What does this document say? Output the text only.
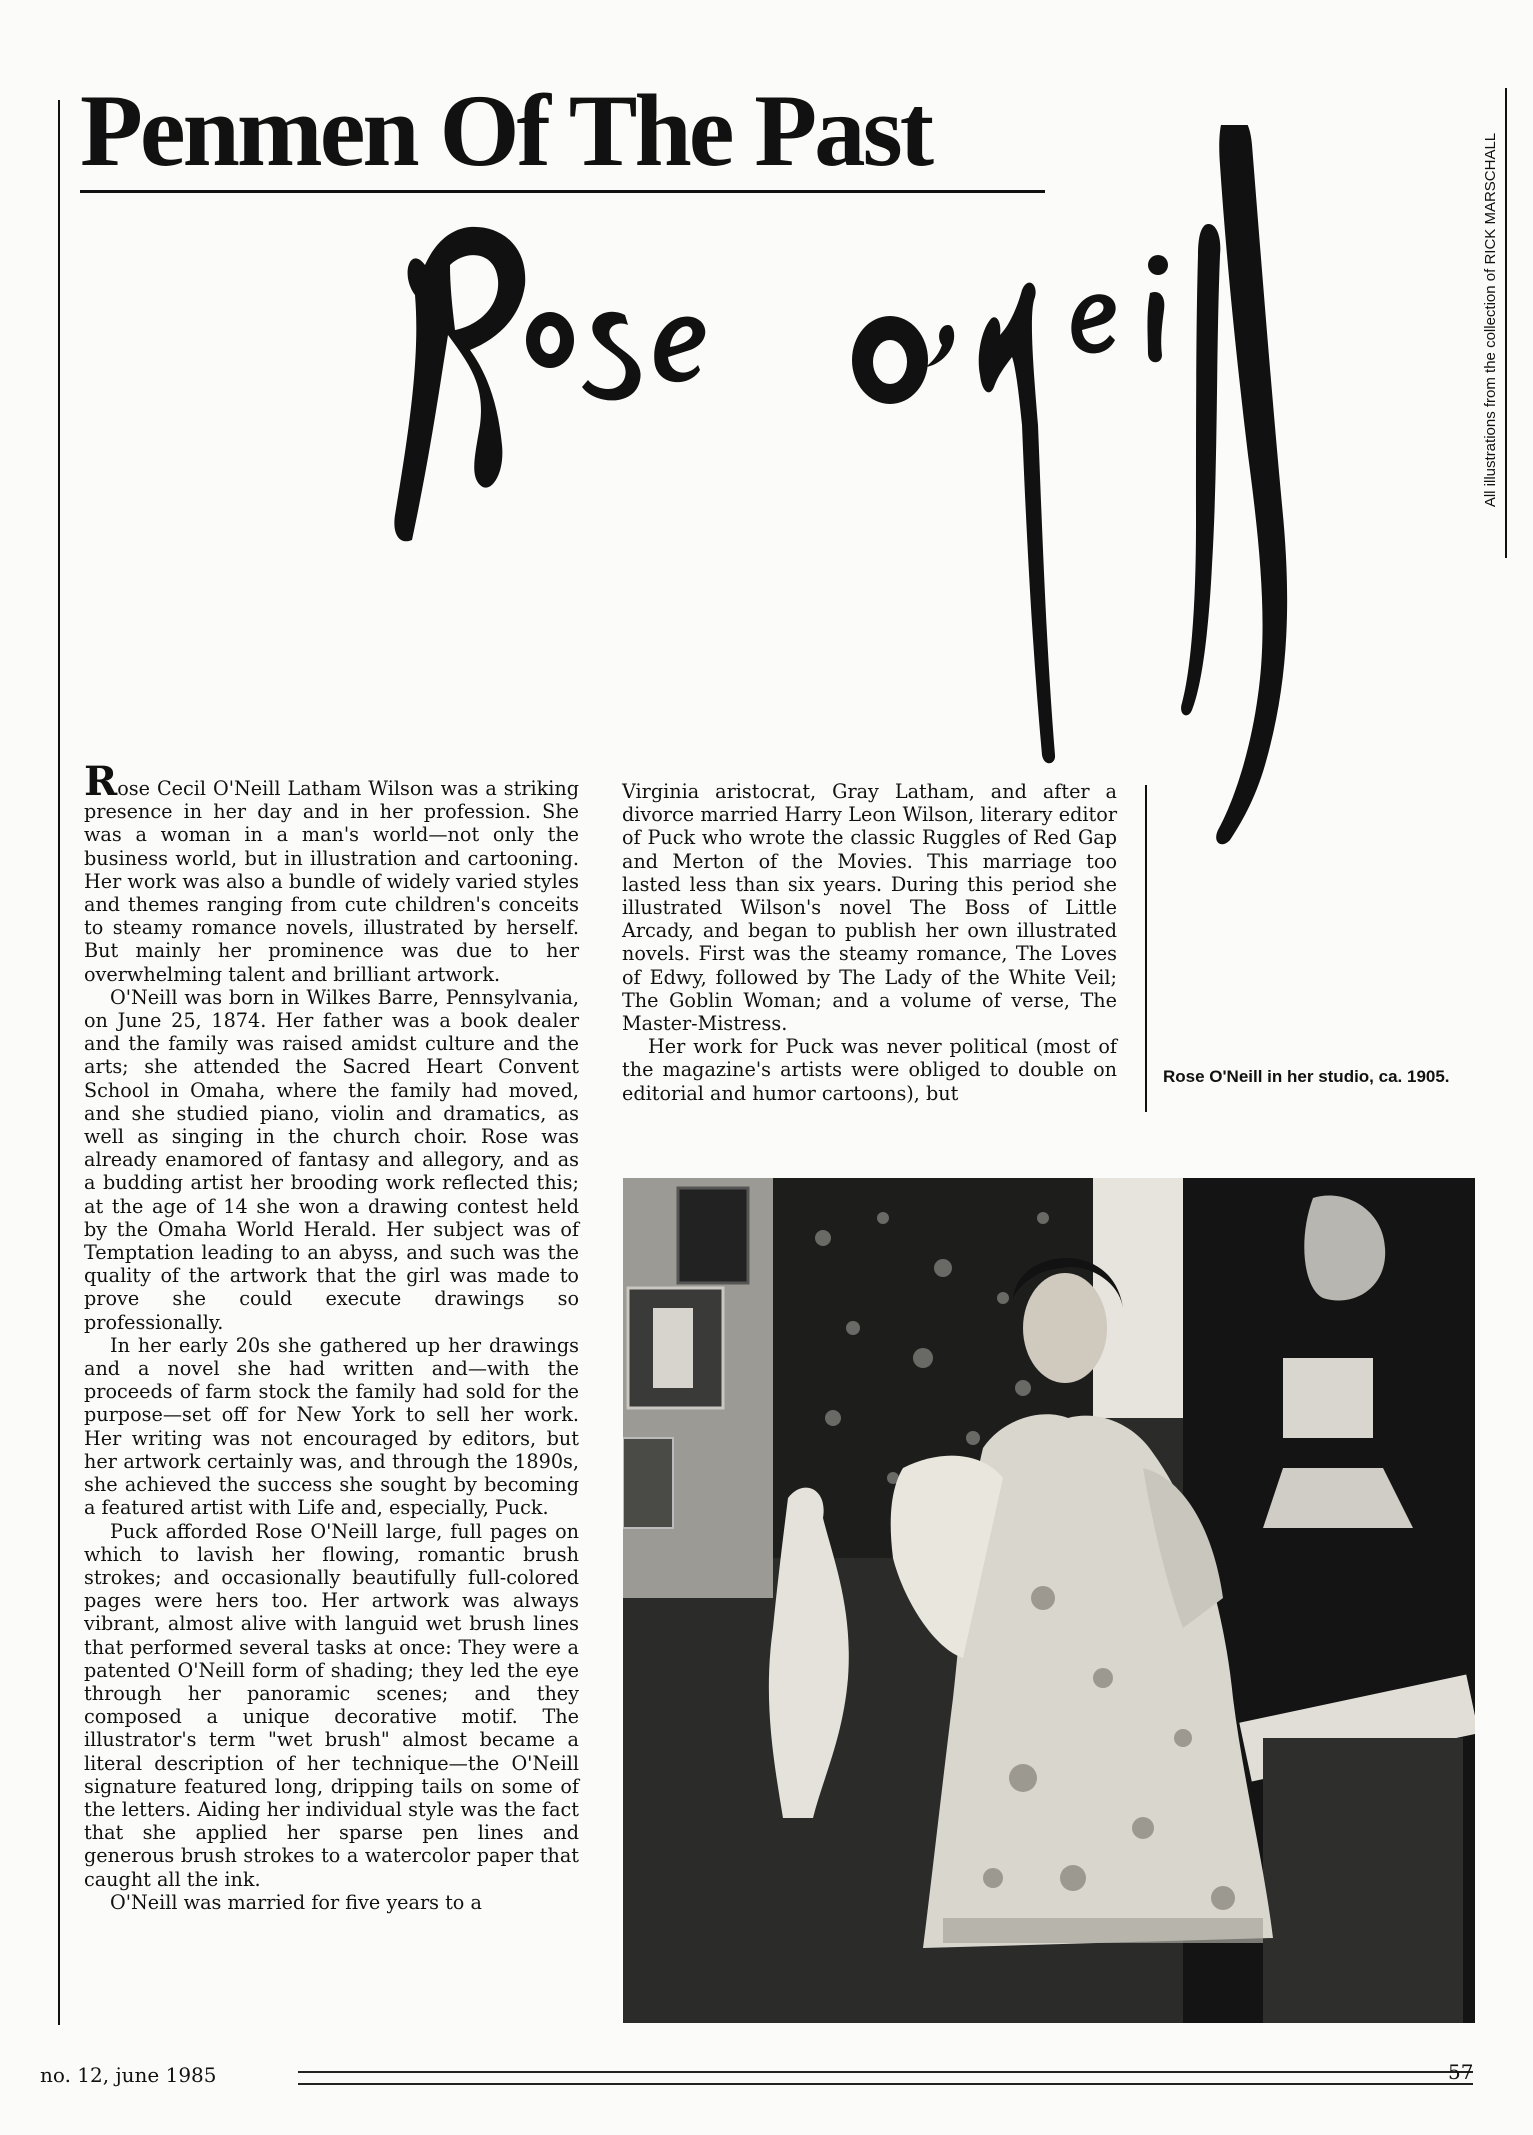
Penmen Of The Past
All illustrations from the collection of RICK MARSCHALL

Rose Cecil O'Neill Latham Wilson was a striking presence in her day and in her profession. She was a woman in a man's world—not only the business world, but in illustration and cartooning. Her work was also a bundle of widely varied styles and themes ranging from cute children's conceits to steamy romance novels, illustrated by herself. But mainly her prominence was due to her overwhelming talent and brilliant artwork.

O'Neill was born in Wilkes Barre, Pennsylvania, on June 25, 1874. Her father was a book dealer and the family was raised amidst culture and the arts; she attended the Sacred Heart Convent School in Omaha, where the family had moved, and she studied piano, violin and dramatics, as well as singing in the church choir. Rose was already enamored of fantasy and allegory, and as a budding artist her brooding work reflected this; at the age of 14 she won a drawing contest held by the Omaha World Herald. Her subject was of Temptation leading to an abyss, and such was the quality of the artwork that the girl was made to prove she could execute drawings so professionally.

In her early 20s she gathered up her drawings and a novel she had written and—with the proceeds of farm stock the family had sold for the purpose—set off for New York to sell her work. Her writing was not encouraged by editors, but her artwork certainly was, and through the 1890s, she achieved the success she sought by becoming a featured artist with Life and, especially, Puck.

Puck afforded Rose O'Neill large, full pages on which to lavish her flowing, romantic brush strokes; and occasionally beautifully full-colored pages were hers too. Her artwork was always vibrant, almost alive with languid wet brush lines that performed several tasks at once: They were a patented O'Neill form of shading; they led the eye through her panoramic scenes; and they composed a unique decorative motif. The illustrator's term "wet brush" almost became a literal description of her technique—the O'Neill signature featured long, dripping tails on some of the letters. Aiding her individual style was the fact that she applied her sparse pen lines and generous brush strokes to a watercolor paper that caught all the ink.

O'Neill was married for five years to a

Virginia aristocrat, Gray Latham, and after a divorce married Harry Leon Wilson, literary editor of Puck who wrote the classic Ruggles of Red Gap and Merton of the Movies. This marriage too lasted less than six years. During this period she illustrated Wilson's novel The Boss of Little Arcady, and began to publish her own illustrated novels. First was the steamy romance, The Loves of Edwy, followed by The Lady of the White Veil; The Goblin Woman; and a volume of verse, The Master-Mistress.

Her work for Puck was never political (most of the magazine's artists were obliged to double on editorial and humor cartoons), but

Rose O'Neill in her studio, ca. 1905.
no. 12, june 1985	57
